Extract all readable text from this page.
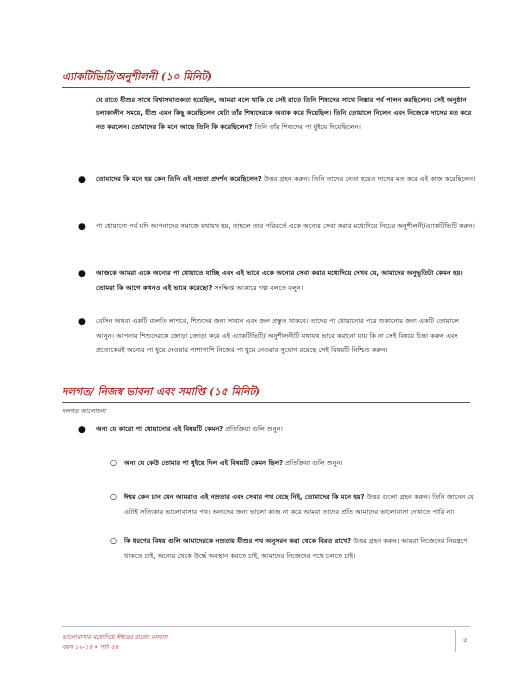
এ্যাকটিভিটি/অনুশীলনী (১০ মিনিট)
যে রাতে যীশুর সাথে বিশ্বাসঘাতকতা হয়েছিল, আমরা বলে থাকি যে সেই রাতে তিনি শিষ্যদের সাথে নিস্তার পর্ব পালন করছিলেন। সেই অনুষ্ঠান চলাকালীন সময়ে, যীশু এমন কিছু করেছিলেন যেটা তাঁর শিষ্যদেরকে অবাক করে দিয়েছিল। তিনি তোয়ালে নিলেন এবং নিজেকে দাসের মত করে নত করলেন। তোমাদের কি মনে আছে তিনি কি করেছিলেন? তিনি তাঁর শিষ্যদের পা ধুইয়ে দিয়েছিলেন।
● তোমাদের কি মনে হয় কেন তিনি এই নম্রতা প্রদর্শন করেছিলেন? উত্তর গ্রহন করুন। তিনি তাদের নেতা হয়েও দাসের মত করে এই কাজ করেছিলেন।
● পা ধোয়ানো পর্ব যদি আপনাদের সমাজে যথাযথ হয়, তাহলে তার পরিবর্তে একে অন্যের সেবা করার মধ্যেদিয়ে নিচের অনুশীলনী/এ্যাকটিভিটি করুন।
● আজকে আমরা একে অন্যের পা ধোয়াতে যাচ্ছি এবং এই ভাবে একে অন্যের সেবা করার মধ্যেদিয়ে দেখব যে, আমাদের অনুভূতিটা কেমন হয়। তোমরা কি আগে কখনও এই ভাবে করেছো? সংক্ষিপ্ত আকারে গল্প বলতে বলুন।
● বেসিন অথবা একটি বালতি লাগবে, শিশুদের জন্য সাবান এবং জল প্রস্তুত থাকবে। তাদের পা ধোয়ানোর পরে শুকানোর জন্য একটি তোয়ালে আনুন। আপনার শিশুদেরকে জোড়া জোড়া করে এই এ্যাকটিভিটি/ অনুশীলনীটি যথাযথ ভাবে করানো যায় কি না সেই বিষয়ে চিন্তা করুন এবং প্রত্যেকেরই অন্যের পা ধুয়ে দেওয়ার পাশাপাশি নিজের পা ধুয়ে নেওয়ার সুযোগ রয়েছে সেই বিষয়টি নিশ্চিত করুন।
দলগত/ নিজস্ব ভাবনা এবং সমাপ্তি (১৫ মিনিট)
দলগত আলোচনা
● অন্য যে কারো পা ধোয়ানোর এই বিষয়টি কেমন? প্রতিক্রিয়া গুলি শুনুন।
○ অন্য যে কেউ তোমার পা ধুইয়ে দিল এই বিষয়টি কেমন ছিল? প্রতিক্রিয়া গুলি শুনুন।
○ ঈশ্বর কেন চান যেন আমরাও এই নম্রতার এবং সেবার পথ বেছে নিই, তোমাদের কি মনে হয়? উত্তর গুলো গ্রহন করুন। তিনি জানেন যে এটাই সত্যিকার ভালোবাসার পথ। অন্যদের জন্য ভালো কাজ না করে আমরা তাদের প্রতি আমাদের ভালোবাসা দেখাতে পারি না।
○ কি ধরণের বিষয় গুলি আমাদেরকে নম্রতায় যীশুর পথ অনুসরন করা থেকে বিরত রাখে? উত্তর গ্রহন করুন। আমরা নিজেদের নিয়ন্ত্রণে থাকতে চাই, অন্যের থেকে উর্দ্ধে অবস্থান করতে চাই, আমাদের নিজেদের পথে চলতে চাই।
ভালোবাসার মধ্যেদিয়ে ঈশ্বরের রাজ্যে বসবাস
বয়স ১২-১৪ • পাঠ ৫৪
৫
